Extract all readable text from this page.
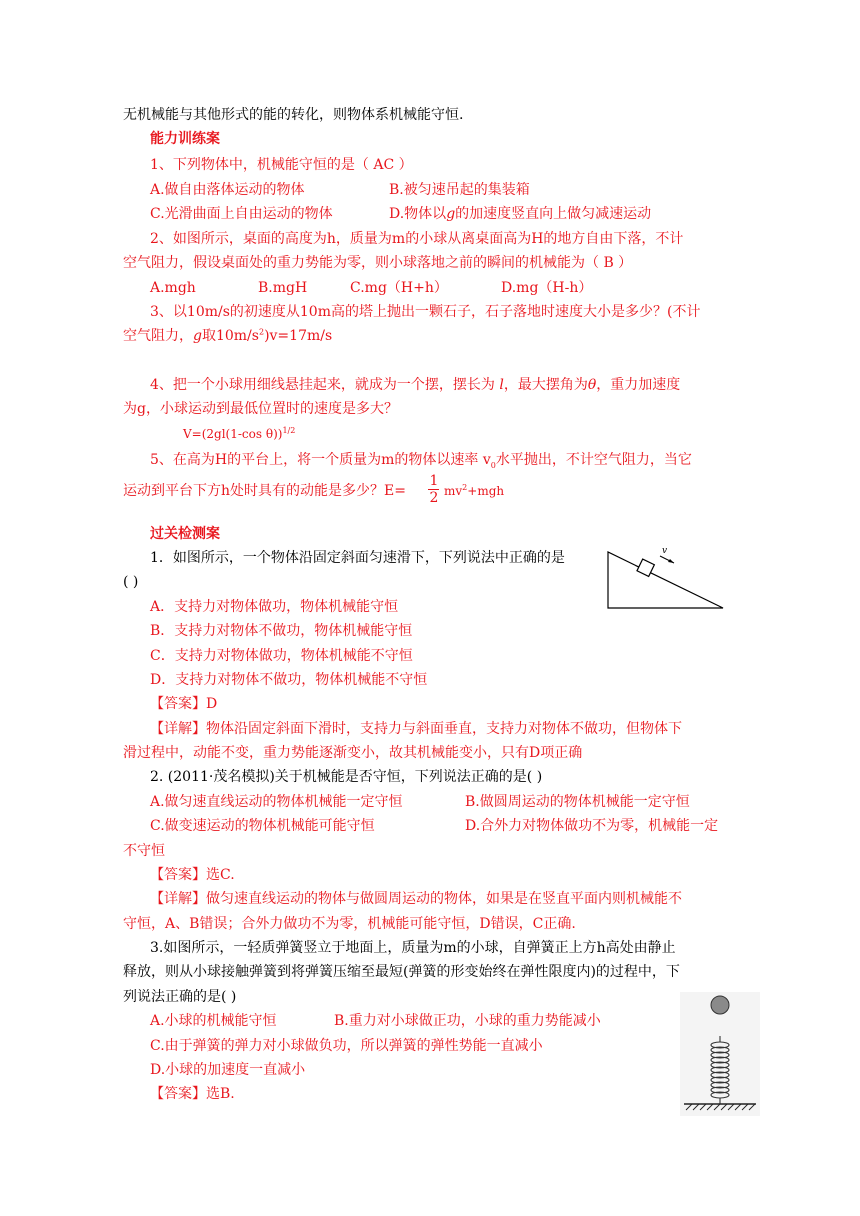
无机械能与其他形式的能的转化，则物体系机械能守恒.
能力训练案
1、下列物体中，机械能守恒的是（ AC ）
A.做自由落体运动的物体	B.被匀速吊起的集装箱
C.光滑曲面上自由运动的物体	D.物体以g的加速度竖直向上做匀减速运动
2、如图所示，桌面的高度为h，质量为m的小球从离桌面高为H的地方自由下落，不计
空气阻力，假设桌面处的重力势能为零，则小球落地之前的瞬间的机械能为（ B ）
A.mgh	B.mgH	C.mg（H+h）	D.mg（H-h）
3、以10m/s的初速度从10m高的塔上抛出一颗石子，石子落地时速度大小是多少？(不计
空气阻力，g取$10m/s^2)v=17m/s$
4、把一个小球用细线悬挂起来，就成为一个摆，摆长为 l，最大摆角为θ，重力加速度
为g，小球运动到最低位置时的速度是多大？
V=(2gl(1-cos θ))$^{1/2}$
5、在高为H的平台上，将一个质量为m的物体以速率 $v_0$水平抛出，不计空气阻力，当它
运动到平台下方h处时具有的动能是多少？E=
1
2 $mv^2+mgh$
过关检测案
1．如图所示，一个物体沿固定斜面匀速滑下，下列说法中正确的是
( )
A．支持力对物体做功，物体机械能守恒
B．支持力对物体不做功，物体机械能守恒
C．支持力对物体做功，物体机械能不守恒
D．支持力对物体不做功，物体机械能不守恒
【答案】D
【详解】物体沿固定斜面下滑时，支持力与斜面垂直，支持力对物体不做功，但物体下
滑过程中，动能不变，重力势能逐渐变小，故其机械能变小，只有D项正确
v
2. (2011·茂名模拟)关于机械能是否守恒，下列说法正确的是( )
A.做匀速直线运动的物体机械能一定守恒	B.做圆周运动的物体机械能一定守恒
C.做变速运动的物体机械能可能守恒	D.合外力对物体做功不为零，机械能一定
不守恒
【答案】选C.
【详解】做匀速直线运动的物体与做圆周运动的物体，如果是在竖直平面内则机械能不
守恒，A、B错误；合外力做功不为零，机械能可能守恒，D错误，C正确.
3.如图所示，一轻质弹簧竖立于地面上，质量为m的小球，自弹簧正上方h高处由静止
释放，则从小球接触弹簧到将弹簧压缩至最短(弹簧的形变始终在弹性限度内)的过程中，下
列说法正确的是( )
A.小球的机械能守恒	B.重力对小球做正功，小球的重力势能减小
C.由于弹簧的弹力对小球做负功，所以弹簧的弹性势能一直减小
D.小球的加速度一直减小
【答案】选B.
